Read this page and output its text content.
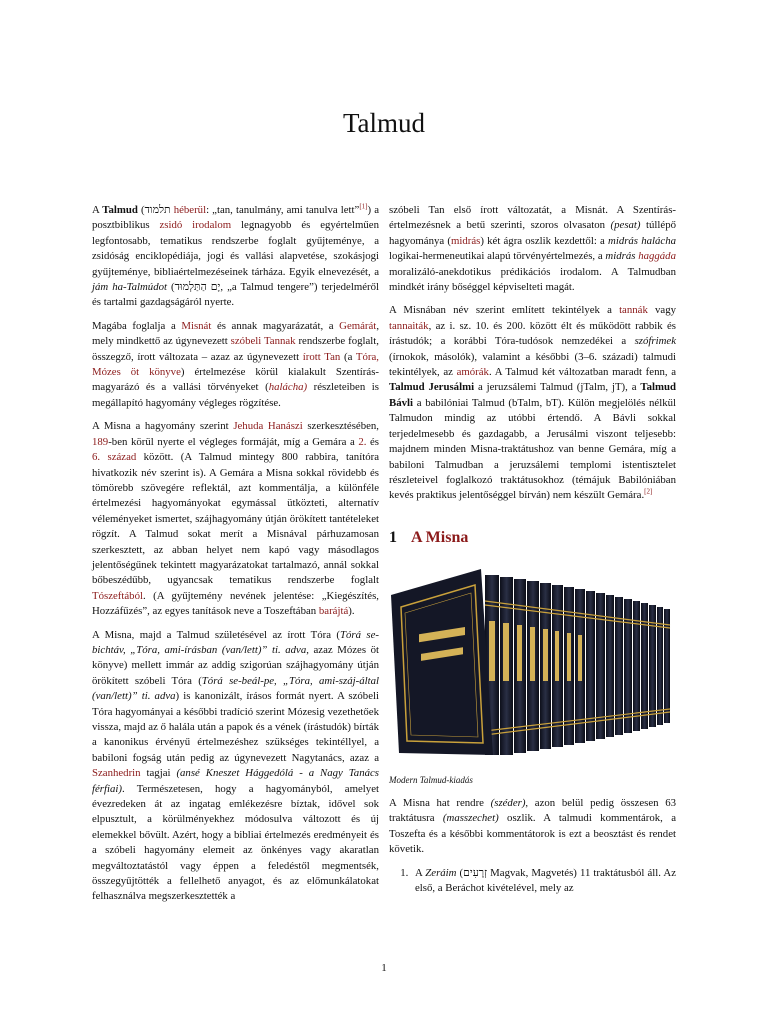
Talmud

A Talmud (תלמוד héberül: „tan, tanulmány, ami tanulva lett”[1]) a posztbiblikus zsidó irodalom legnagyobb és egyértelműen legfontosabb, tematikus rendszerbe foglalt gyűjteménye, a zsidóság enciklopédiája, jogi és vallási alapvetése, szokásjogi gyűjteménye, bibliaértelmezéseinek tárháza. Egyik elnevezését, a jám ha-Talmúdot (יָם הַתַּלְמוּד, „a Talmud tengere”) terjedelméről és tartalmi gazdagságáról nyerte.

Magába foglalja a Misnát és annak magyarázatát, a Gemárát, mely mindkettő az úgynevezett szóbeli Tannak rendszerbe foglalt, összegző, írott változata – azaz az úgynevezett írott Tan (a Tóra, Mózes öt könyve) értelmezése körül kialakult Szentírás-magyarázó és a vallási törvényeket (halácha) részleteiben is megállapító hagyomány végleges rögzítése.

A Misna a hagyomány szerint Jehuda Hanászi szerkesztésében, 189-ben körül nyerte el végleges formáját, míg a Gemára a 2. és 6. század között. (A Talmud mintegy 800 rabbira, tanítóra hivatkozik név szerint is). A Gemára a Misna sokkal rövidebb és tömörebb szövegére reflektál, azt kommentálja, a különféle értelmezési hagyományokat egymással ütközteti, alternatív véleményeket ismertet, szájhagyomány útján örökített tantételeket rögzít. A Talmud sokat merít a Misnával párhuzamosan szerkesztett, az abban helyet nem kapó vagy másodlagos jelentőségűnek tekintett magyarázatokat tartalmazó, annál sokkal bőbeszédűbb, ugyancsak tematikus rendszerbe foglalt Tószeftából. (A gyűjtemény nevének jelentése: „Kiegészítés, Hozzáfűzés”, az egyes tanítások neve a Toszeftában barájtá).

A Misna, majd a Talmud születésével az írott Tóra (Tórá se-bichtáv, „Tóra, ami-írásban (van/lett)” ti. adva, azaz Mózes öt könyve) mellett immár az addig szigorúan szájhagyomány útján örökített szóbeli Tóra (Tórá se-beál-pe, „Tóra, ami-száj-által (van/lett)” ti. adva) is kanonizált, írásos formát nyert. A szóbeli Tóra hagyományai a későbbi tradíció szerint Mózesig vezethetőek vissza, majd az ő halála után a papok és a vének (írástudók) bírták a kanonikus érvényű értelmezéshez szükséges tekintéllyel, a babiloni fogság után pedig az úgynevezett Nagytanács, azaz a Szanhedrin tagjai (ansé Kneszet Hággedólá - a Nagy Tanács férfiai). Természetesen, hogy a hagyományból, amelyet évezredeken át az ingatag emlékezésre bíztak, idővel sok elpusztult, a körülményekhez módosulva változott és új elemekkel bővült. Azért, hogy a bibliai értelmezés eredményeit és a szóbeli hagyomány elemeit az önkényes vagy akaratlan megváltoztatástól vagy éppen a feledéstől megmentsék, összegyűjtötték a fellelhető anyagot, és az előmunkálatokat felhasználva megszerkesztették a

szóbeli Tan első írott változatát, a Misnát. A Szentírás-értelmezésnek a betű szerinti, szoros olvasaton (pesat) túllépő hagyománya (midrás) két ágra oszlik kezdettől: a midrás halácha logikai-hermeneutikai alapú törvényértelmezés, a midrás haggáda moralizáló-anekdotikus prédikációs irodalom. A Talmudban mindkét irány bőséggel képviselteti magát.

A Misnában név szerint említett tekintélyek a tannák vagy tannaiták, az i. sz. 10. és 200. között élt és működött rabbik és írástudók; a korábbi Tóra-tudósok nemzedékei a szófrimek (írnokok, másolók), valamint a későbbi (3–6. századi) talmudi tekintélyek, az amórák. A Talmud két változatban maradt fenn, a Talmud Jerusálmi a jeruzsálemi Talmud (jTalm, jT), a Talmud Bávli a babilóniai Talmud (bTalm, bT). Külön megjelölés nélkül Talmudon mindig az utóbbi értendő. A Bávli sokkal terjedelmesebb és gazdagabb, a Jerusálmi viszont teljesebb: majdnem minden Misna-traktátushoz van benne Gemára, míg a babiloni Talmudban a jeruzsálemi templomi istentisztelet részleteivel foglalkozó traktátusokhoz (témájuk Babilóniában kevés praktikus jelentőséggel bírván) nem készült Gemára.[2]

1 A Misna

Modern Talmud-kiadás

A Misna hat rendre (széder), azon belül pedig összesen 63 traktátusra (masszechet) oszlik. A talmudi kommentárok, a Toszefta és a későbbi kommentátorok is ezt a beosztást és rendet követik.

1. A Zeráim (זְרָעִים Magvak, Magvetés) 11 traktátusból áll. Az első, a Beráchot kivételével, mely az
1
